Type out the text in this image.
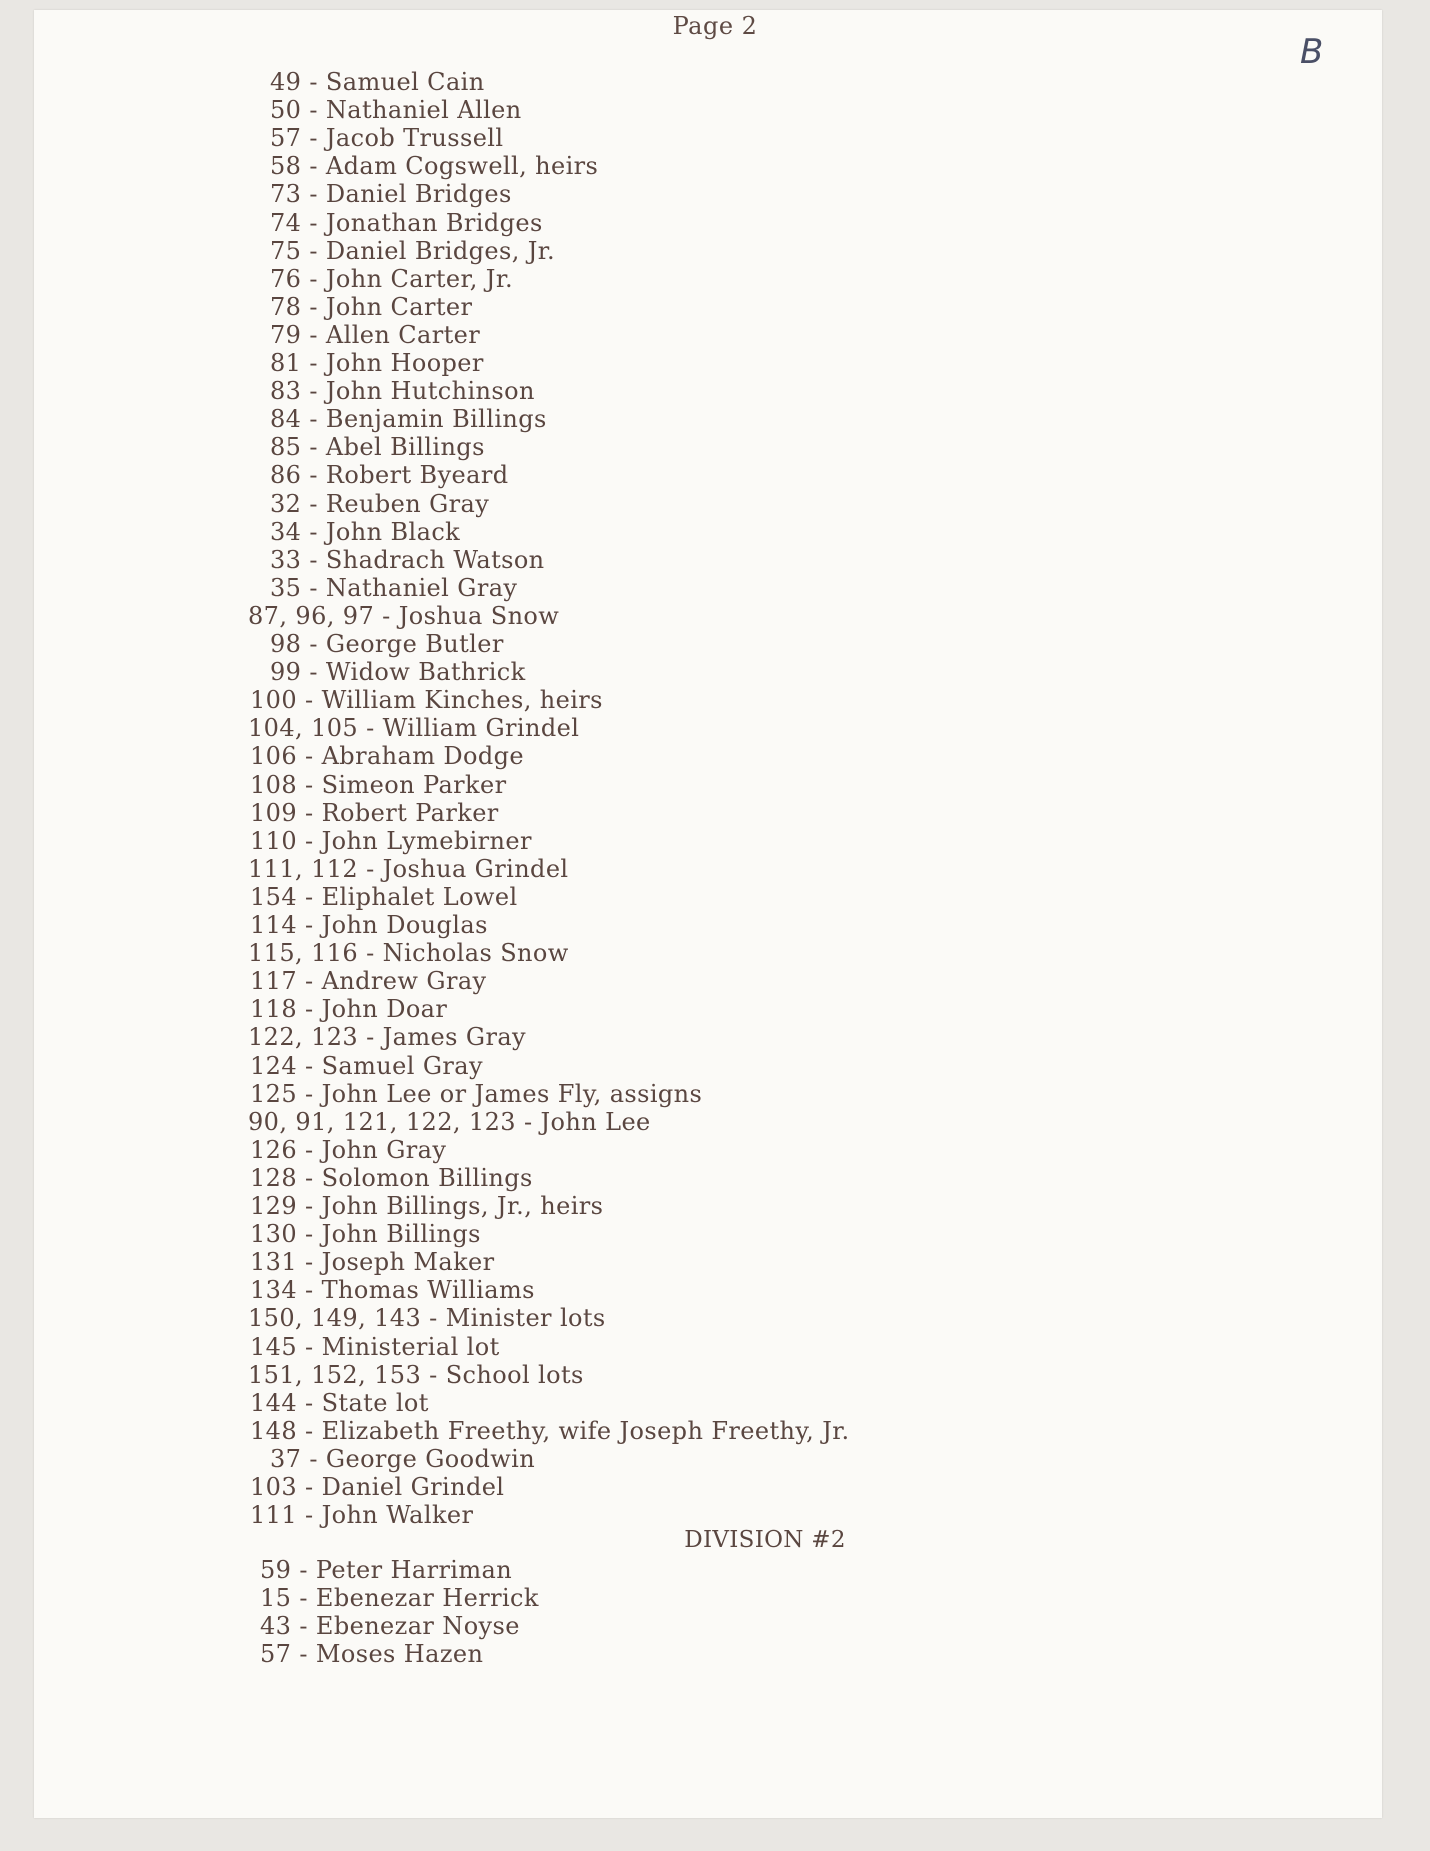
Page 2
B
49 - Samuel Cain
50 - Nathaniel Allen
57 - Jacob Trussell
58 - Adam Cogswell, heirs
73 - Daniel Bridges
74 - Jonathan Bridges
75 - Daniel Bridges, Jr.
76 - John Carter, Jr.
78 - John Carter
79 - Allen Carter
81 - John Hooper
83 - John Hutchinson
84 - Benjamin Billings
85 - Abel Billings
86 - Robert Byeard
32 - Reuben Gray
34 - John Black
33 - Shadrach Watson
35 - Nathaniel Gray
87, 96, 97 - Joshua Snow
98 - George Butler
99 - Widow Bathrick
100 - William Kinches, heirs
104, 105 - William Grindel
106 - Abraham Dodge
108 - Simeon Parker
109 - Robert Parker
110 - John Lymebirner
111, 112 - Joshua Grindel
154 - Eliphalet Lowel
114 - John Douglas
115, 116 - Nicholas Snow
117 - Andrew Gray
118 - John Doar
122, 123 - James Gray
124 - Samuel Gray
125 - John Lee or James Fly, assigns
90, 91, 121, 122, 123 - John Lee
126 - John Gray
128 - Solomon Billings
129 - John Billings, Jr., heirs
130 - John Billings
131 - Joseph Maker
134 - Thomas Williams
150, 149, 143 - Minister lots
145 - Ministerial lot
151, 152, 153 - School lots
144 - State lot
148 - Elizabeth Freethy, wife Joseph Freethy, Jr.
37 - George Goodwin
103 - Daniel Grindel
111 - John Walker
DIVISION #2
59 - Peter Harriman
15 - Ebenezar Herrick
43 - Ebenezar Noyse
57 - Moses Hazen
